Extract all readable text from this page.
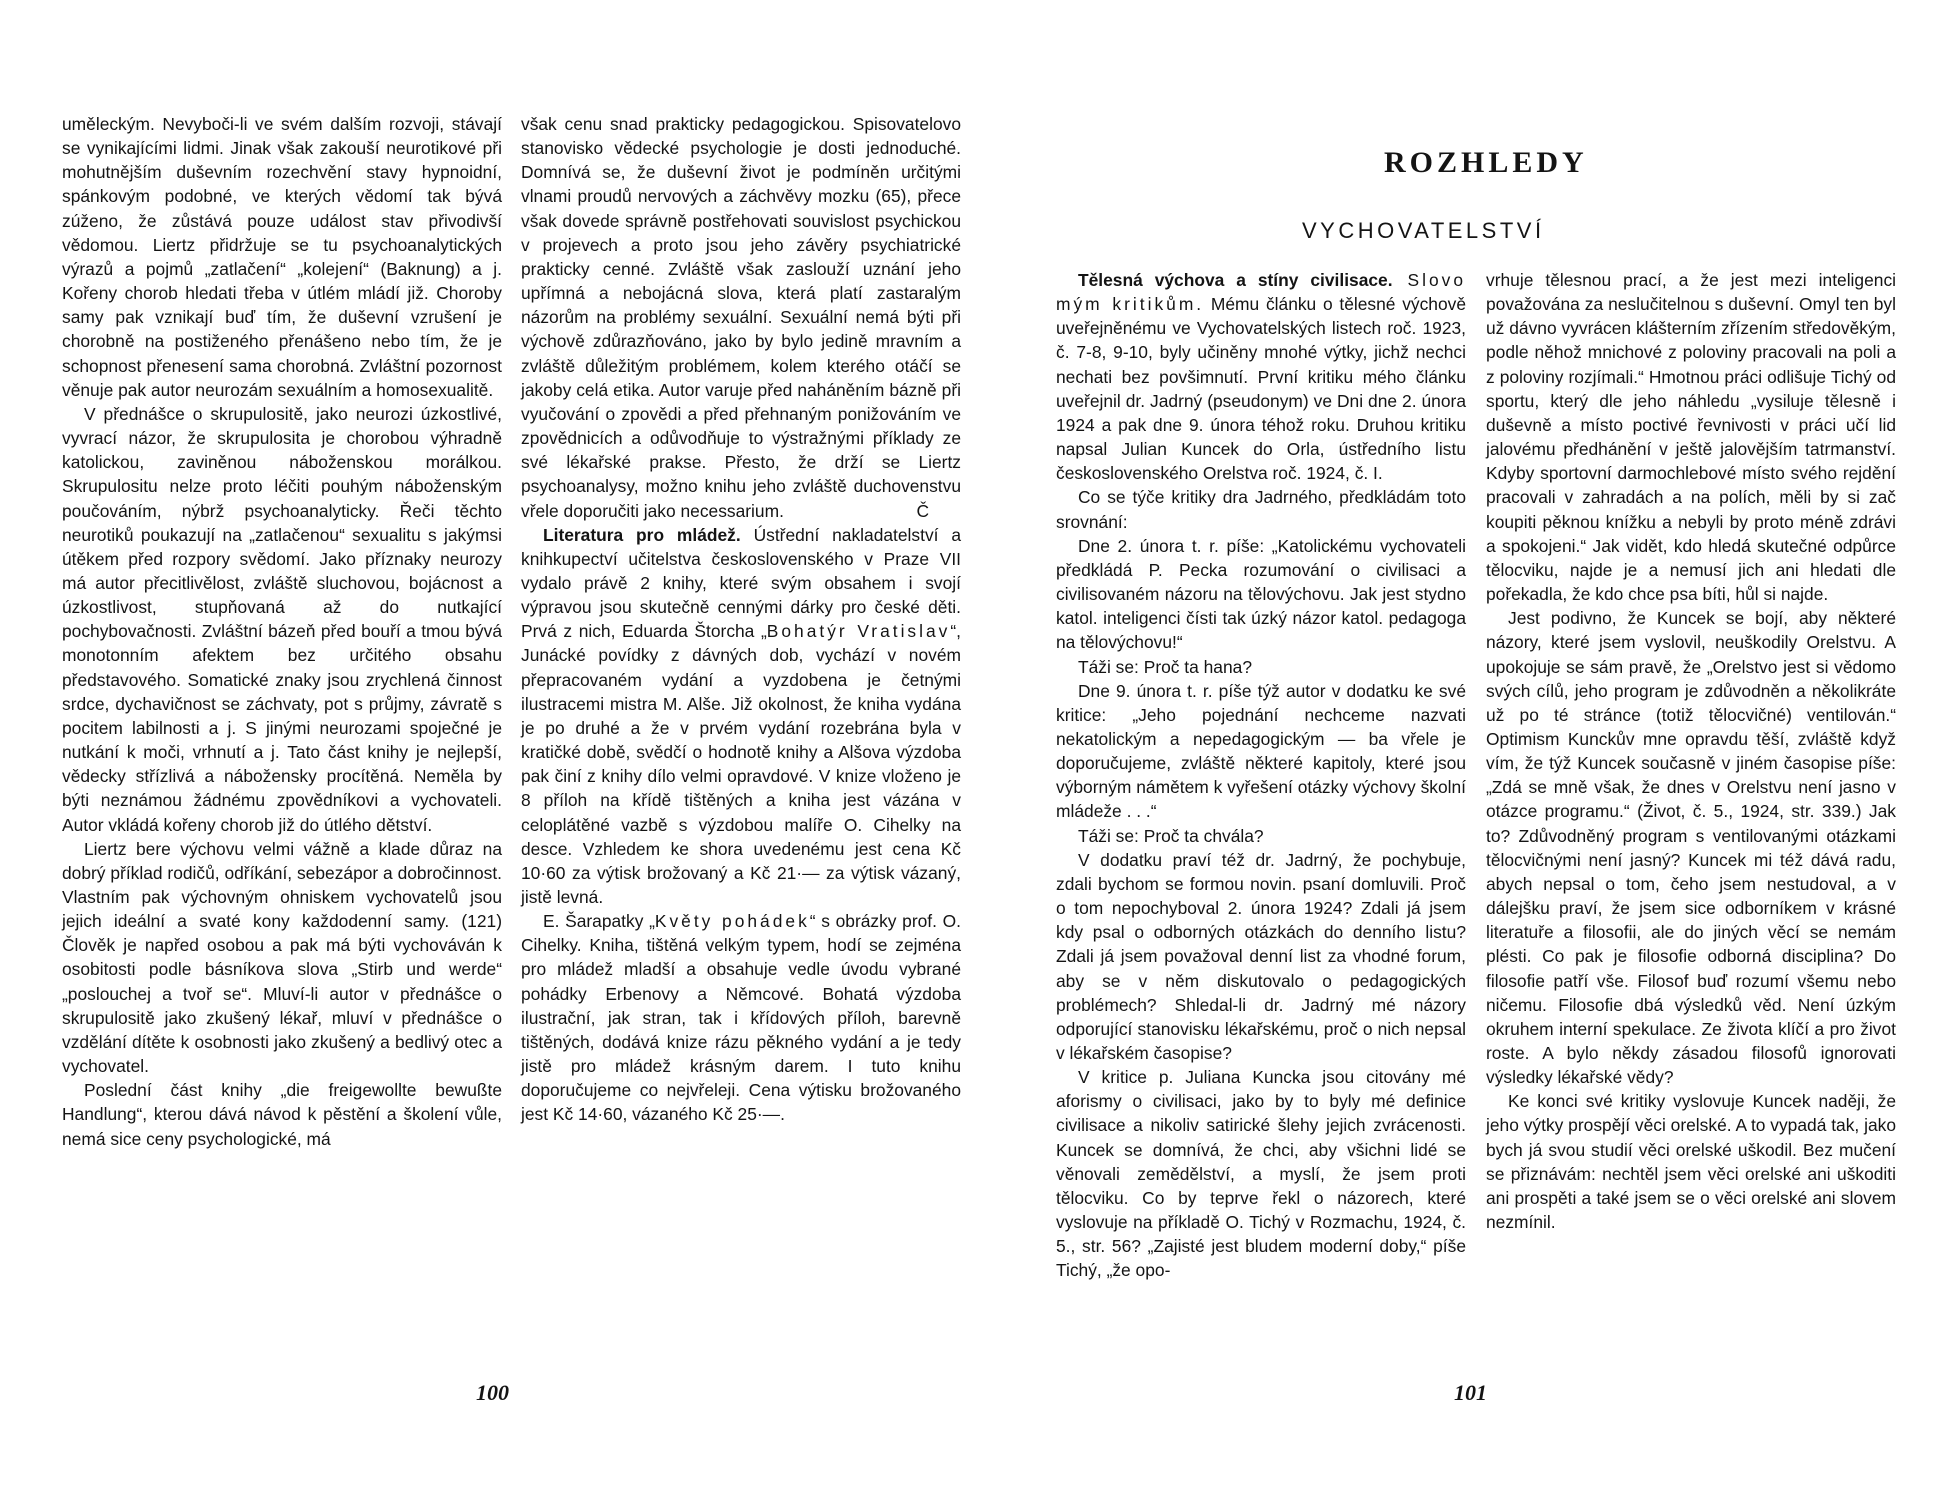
uměleckým. Nevyboči-li ve svém dalším rozvoji, stávají se vynikajícími lidmi. Jinak však zakouší neurotikové při mohutnějším duševním rozechvění stavy hypnoidní, spánkovým podobné, ve kterých vědomí tak bývá zúženo, že zůstává pouze událost stav přivodivší vědomou. Liertz přidržuje se tu psychoanalytických výrazů a pojmů „zatlačení“ „kolejení“ (Baknung) a j. Kořeny chorob hledati třeba v útlém mládí již. Choroby samy pak vznikají buď tím, že duševní vzrušení je chorobně na postiženého přenášeno nebo tím, že je schopnost přenesení sama chorobná. Zvláštní pozornost věnuje pak autor neurozám sexuálním a homosexualitě.

V přednášce o skrupulositě, jako neurozi úzkostlivé, vyvrací názor, že skrupulosita je chorobou výhradně katolickou, zaviněnou náboženskou morálkou. Skrupulositu nelze proto léčiti pouhým náboženským poučováním, nýbrž psychoanalyticky. Řeči těchto neurotiků poukazují na „zatlačenou“ sexualitu s jakýmsi útěkem před rozpory svědomí. Jako příznaky neurozy má autor přecitlivělost, zvláště sluchovou, bojácnost a úzkostlivost, stupňovaná až do nutkající pochybovačnosti. Zvláštní bázeň před bouří a tmou bývá monotonním afektem bez určitého obsahu představového. Somatické znaky jsou zrychlená činnost srdce, dychavičnost se záchvaty, pot s průjmy, závratě s pocitem labilnosti a j. S jinými neurozami spoječné je nutkání k moči, vrhnutí a j. Tato část knihy je nejlepší, vědecky střízlivá a nábožensky procítěná. Neměla by býti neznámou žádnému zpovědníkovi a vychovateli. Autor vkládá kořeny chorob již do útlého dětství.

Liertz bere výchovu velmi vážně a klade důraz na dobrý příklad rodičů, odříkání, sebezápor a dobročinnost. Vlastním pak výchovným ohniskem vychovatelů jsou jejich ideální a svaté kony každodenní samy. (121) Člověk je napřed osobou a pak má býti vychováván k osobitosti podle básníkova slova „Stirb und werde“ „poslouchej a tvoř se“. Mluví-li autor v přednášce o skrupulositě jako zkušený lékař, mluví v přednášce o vzdělání dítěte k osobnosti jako zkušený a bedlivý otec a vychovatel.

Poslední část knihy „die freigewollte bewußte Handlung“, kterou dává návod k pěstění a školení vůle, nemá sice ceny psychologické, má

však cenu snad prakticky pedagogickou. Spisovatelovo stanovisko vědecké psychologie je dosti jednoduché. Domnívá se, že duševní život je podmíněn určitými vlnami proudů nervových a záchvěvy mozku (65), přece však dovede správně postřehovati souvislost psychickou v projevech a proto jsou jeho závěry psychiatrické prakticky cenné. Zvláště však zaslouží uznání jeho upřímná a nebojácná slova, která platí zastaralým názorům na problémy sexuální. Sexuální nemá býti při výchově zdůrazňováno, jako by bylo jedině mravním a zvláště důležitým problémem, kolem kterého otáčí se jakoby celá etika. Autor varuje před naháněním bázně při vyučování o zpovědi a před přehnaným ponižováním ve zpovědnicích a odůvodňuje to výstražnými příklady ze své lékařské prakse. Přesto, že drží se Liertz psychoanalysy, možno knihu jeho zvláště duchovenstvu vřele doporučiti jako necessarium.	Č

Literatura pro mládež. Ústřední nakladatelství a knihkupectví učitelstva československého v Praze VII vydalo právě 2 knihy, které svým obsahem i svojí výpravou jsou skutečně cennými dárky pro české děti. Prvá z nich, Eduarda Štorcha „Bohatýr Vratislav“, Junácké povídky z dávných dob, vychází v novém přepracovaném vydání a vyzdobena je četnými ilustracemi mistra M. Alše. Již okolnost, že kniha vydána je po druhé a že v prvém vydání rozebrána byla v kratičké době, svědčí o hodnotě knihy a Alšova výzdoba pak činí z knihy dílo velmi opravdové. V knize vloženo je 8 příloh na křídě tištěných a kniha jest vázána v celoplátěné vazbě s výzdobou malíře O. Cihelky na desce. Vzhledem ke shora uvedenému jest cena Kč 10·60 za výtisk brožovaný a Kč 21·— za výtisk vázaný, jistě levná.

E. Šarapatky „Květy pohádek“ s obrázky prof. O. Cihelky. Kniha, tištěná velkým typem, hodí se zejména pro mládež mladší a obsahuje vedle úvodu vybrané pohádky Erbenovy a Němcové. Bohatá výzdoba ilustrační, jak stran, tak i křídových příloh, barevně tištěných, dodává knize rázu pěkného vydání a je tedy jistě pro mládež krásným darem. I tuto knihu doporučujeme co nejvřeleji. Cena výtisku brožovaného jest Kč 14·60, vázaného Kč 25·—.

100
ROZHLEDY
VYCHOVATELSTVÍ

Tělesná výchova a stíny civilisace. Slovo mým kritikům. Mému článku o tělesné výchově uveřejněnému ve Vychovatelských listech roč. 1923, č. 7-8, 9-10, byly učiněny mnohé výtky, jichž nechci nechati bez povšimnutí. První kritiku mého článku uveřejnil dr. Jadrný (pseudonym) ve Dni dne 2. února 1924 a pak dne 9. února téhož roku. Druhou kritiku napsal Julian Kuncek do Orla, ústředního listu československého Orelstva roč. 1924, č. I.

Co se týče kritiky dra Jadrného, předkládám toto srovnání:

Dne 2. února t. r. píše: „Katolickému vychovateli předkládá P. Pecka rozumování o civilisaci a civilisovaném názoru na tělovýchovu. Jak jest stydno katol. inteligenci čísti tak úzký názor katol. pedagoga na tělovýchovu!“

Táži se: Proč ta hana?

Dne 9. února t. r. píše týž autor v dodatku ke své kritice: „Jeho pojednání nechceme nazvati nekatolickým a nepedagogickým — ba vřele je doporučujeme, zvláště některé kapitoly, které jsou výborným námětem k vyřešení otázky výchovy školní mládeže . . .“

Táži se: Proč ta chvála?

V dodatku praví též dr. Jadrný, že pochybuje, zdali bychom se formou novin. psaní domluvili. Proč o tom nepochyboval 2. února 1924? Zdali já jsem kdy psal o odborných otázkách do denního listu? Zdali já jsem považoval denní list za vhodné forum, aby se v něm diskutovalo o pedagogických problémech? Shledal-li dr. Jadrný mé názory odporující stanovisku lékařskému, proč o nich nepsal v lékařském časopise?

V kritice p. Juliana Kuncka jsou citovány mé aforismy o civilisaci, jako by to byly mé definice civilisace a nikoliv satirické šlehy jejich zvrácenosti. Kuncek se domnívá, že chci, aby všichni lidé se věnovali zemědělství, a myslí, že jsem proti tělocviku. Co by teprve řekl o názorech, které vyslovuje na příkladě O. Tichý v Rozmachu, 1924, č. 5., str. 56? „Zajisté jest bludem moderní doby,“ píše Tichý, „že opo-

vrhuje tělesnou prací, a že jest mezi inteligenci považována za neslučitelnou s duševní. Omyl ten byl už dávno vyvrácen klášterním zřízením středověkým, podle něhož mnichové z poloviny pracovali na poli a z poloviny rozjímali.“ Hmotnou práci odlišuje Tichý od sportu, který dle jeho náhledu „vysiluje tělesně i duševně a místo poctivé řevnivosti v práci učí lid jalovému předhánění v ještě jalovějším tatrmanství. Kdyby sportovní darmochlebové místo svého rejdění pracovali v zahradách a na polích, měli by si zač koupiti pěknou knížku a nebyli by proto méně zdrávi a spokojeni.“ Jak vidět, kdo hledá skutečné odpůrce tělocviku, najde je a nemusí jich ani hledati dle pořekadla, že kdo chce psa bíti, hůl si najde.

Jest podivno, že Kuncek se bojí, aby některé názory, které jsem vyslovil, neuškodily Orelstvu. A upokojuje se sám pravě, že „Orelstvo jest si vědomo svých cílů, jeho program je zdůvodněn a několikráte už po té stránce (totiž tělocvičné) ventilován.“ Optimism Kunckův mne opravdu těší, zvláště když vím, že týž Kuncek současně v jiném časopise píše: „Zdá se mně však, že dnes v Orelstvu není jasno v otázce programu.“ (Život, č. 5., 1924, str. 339.) Jak to? Zdůvodněný program s ventilovanými otázkami tělocvičnými není jasný? Kuncek mi též dává radu, abych nepsal o tom, čeho jsem nestudoval, a v dálejšku praví, že jsem sice odborníkem v krásné literatuře a filosofii, ale do jiných věcí se nemám plésti. Co pak je filosofie odborná disciplina? Do filosofie patří vše. Filosof buď rozumí všemu nebo ničemu. Filosofie dbá výsledků věd. Není úzkým okruhem interní spekulace. Ze života klíčí a pro život roste. A bylo někdy zásadou filosofů ignorovati výsledky lékařské vědy?

Ke konci své kritiky vyslovuje Kuncek naději, že jeho výtky prospějí věci orelské. A to vypadá tak, jako bych já svou studií věci orelské uškodil. Bez mučení se přiznávám: nechtěl jsem věci orelské ani uškoditi ani prospěti a také jsem se o věci orelské ani slovem nezmínil.

101
